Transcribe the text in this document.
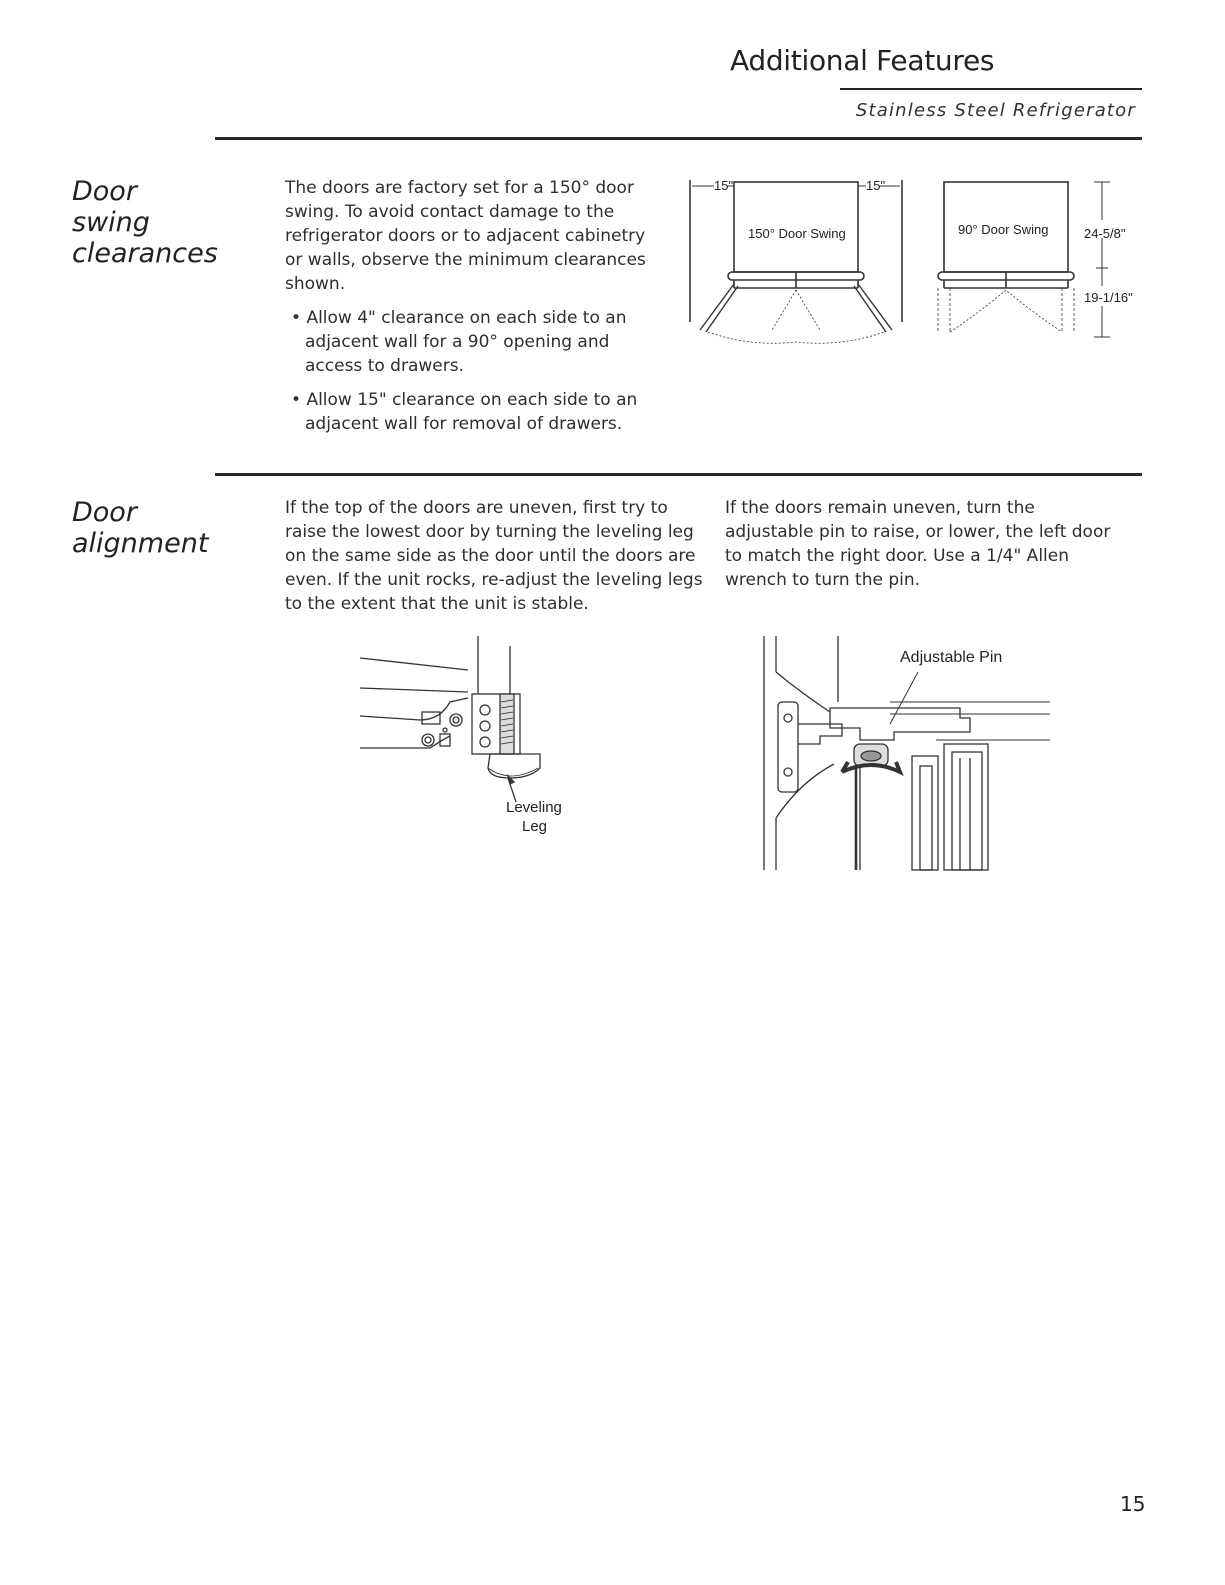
Additional Features
Stainless Steel Refrigerator
Door
swing
clearances

The doors are factory set for a 150° door swing. To avoid contact damage to the refrigerator doors or to adjacent cabinetry or walls, observe the minimum clearances shown.

• Allow 4" clearance on each side to an adjacent wall for a 90° opening and access to drawers.

• Allow 15" clearance on each side to an adjacent wall for removal of drawers.

15"	15"
150° Door Swing	90° Door Swing	24-5/8"
19-1/16"
Door
alignment
If the top of the doors are uneven, first try to raise the lowest door by turning the leveling leg on the same side as the door until the doors are even. If the unit rocks, re-adjust the leveling legs to the extent that the unit is stable.
If the doors remain uneven, turn the adjustable pin to raise, or lower, the left door to match the right door. Use a 1/4" Allen wrench to turn the pin.
Leveling
Leg
Adjustable Pin
15
